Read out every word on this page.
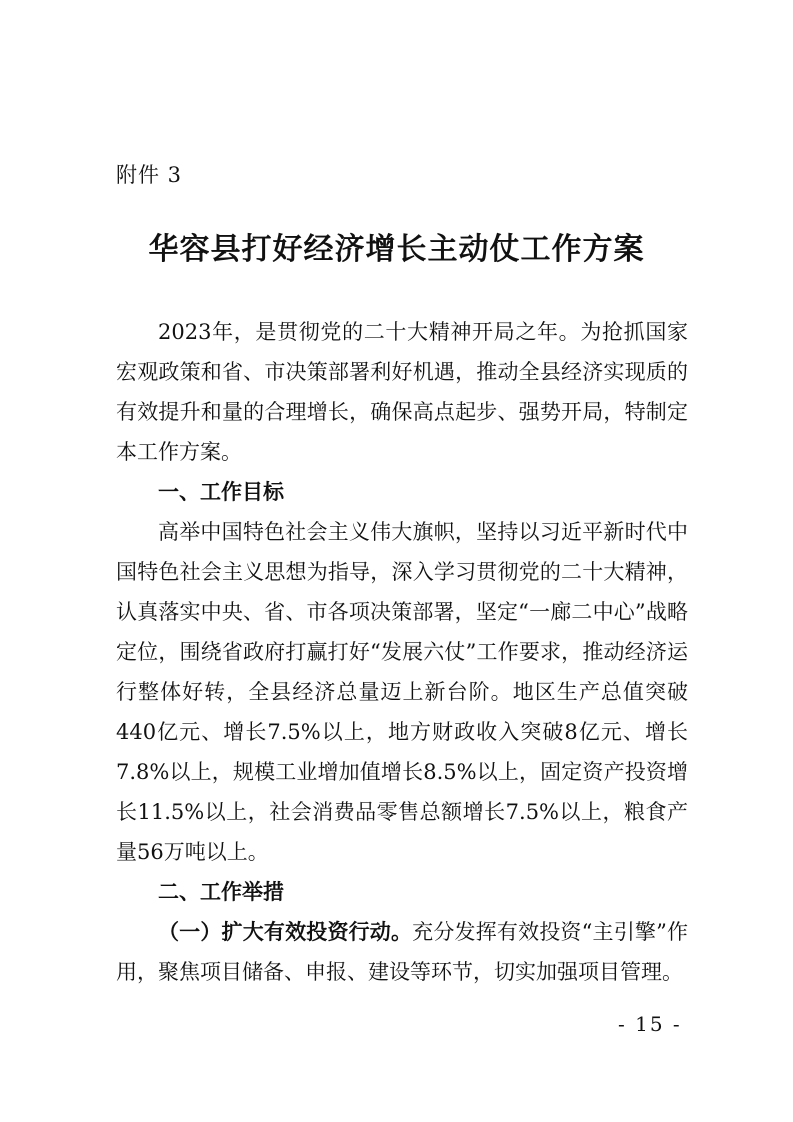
附件 3
华容县打好经济增长主动仗工作方案

2023年，是贯彻党的二十大精神开局之年。为抢抓国家宏观政策和省、市决策部署利好机遇，推动全县经济实现质的有效提升和量的合理增长，确保高点起步、强势开局，特制定本工作方案。

一、工作目标

高举中国特色社会主义伟大旗帜，坚持以习近平新时代中国特色社会主义思想为指导，深入学习贯彻党的二十大精神，认真落实中央、省、市各项决策部署，坚定“一廊二中心”战略定位，围绕省政府打赢打好“发展六仗”工作要求，推动经济运行整体好转，全县经济总量迈上新台阶。地区生产总值突破440亿元、增长7.5%以上，地方财政收入突破8亿元、增长7.8%以上，规模工业增加值增长8.5%以上，固定资产投资增长11.5%以上，社会消费品零售总额增长7.5%以上，粮食产量56万吨以上。

二、工作举措

（一）扩大有效投资行动。充分发挥有效投资“主引擎”作用，聚焦项目储备、申报、建设等环节，切实加强项目管理。

- 15 -
